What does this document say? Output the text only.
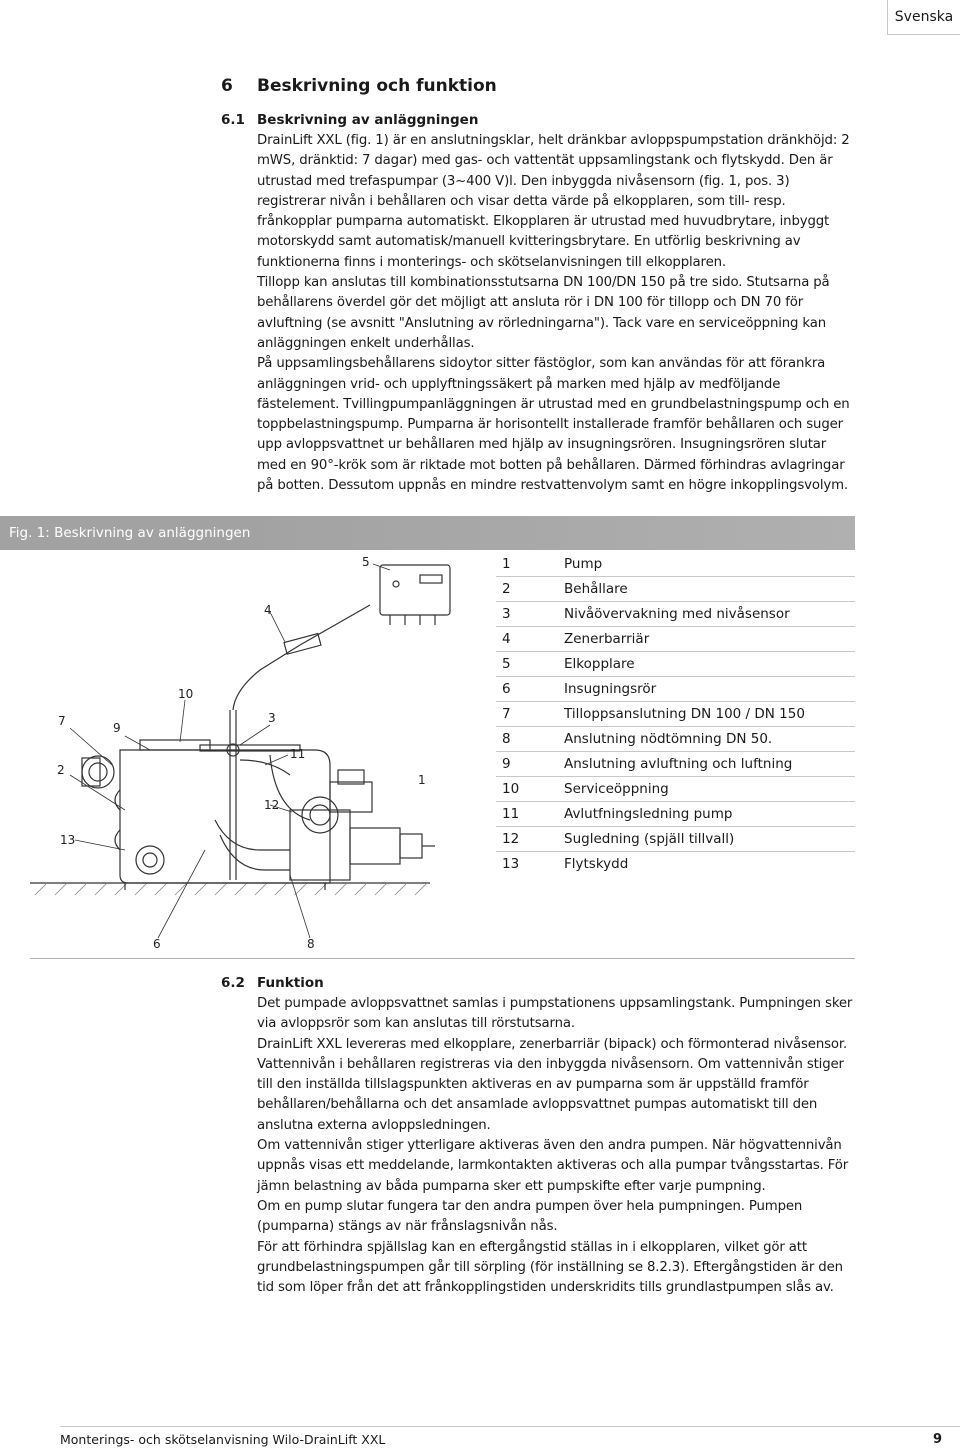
Svenska
6 Beskrivning och funktion
6.1 Beskrivning av anläggningen

DrainLift XXL (fig. 1) är en anslutningsklar, helt dränkbar avloppspumpstation dränkhöjd: 2 mWS, dränktid: 7 dagar) med gas- och vattentät uppsamlingstank och flytskydd. Den är utrustad med trefaspumpar (3~400 V)l. Den inbyggda nivåsensorn (fig. 1, pos. 3) registrerar nivån i behållaren och visar detta värde på elkopplaren, som till- resp. frånkopplar pumparna automatiskt. Elkopplaren är utrustad med huvudbrytare, inbyggt motorskydd samt automatisk/manuell kvitteringsbrytare. En utförlig beskrivning av funktionerna finns i monterings- och skötselanvisningen till elkopplaren.

Tillopp kan anslutas till kombinationsstutsarna DN 100/DN 150 på tre sido. Stutsarna på behållarens överdel gör det möjligt att ansluta rör i DN 100 för tillopp och DN 70 för avluftning (se avsnitt "Anslutning av rörledningarna"). Tack vare en serviceöppning kan anläggningen enkelt underhållas.

På uppsamlingsbehållarens sidoytor sitter fästöglor, som kan användas för att förankra anläggningen vrid- och upplyftningssäkert på marken med hjälp av medföljande fästelement. Tvillingpumpanläggningen är utrustad med en grundbelastningspump och en toppbelastningspump. Pumparna är horisontellt installerade framför behållaren och suger upp avloppsvattnet ur behållaren med hjälp av insugningsrören. Insugningsrören slutar med en 90°-krök som är riktade mot botten på behållaren. Därmed förhindras avlagringar på botten. Dessutom uppnås en mindre restvattenvolym samt en högre inkopplingsvolym.

Fig. 1: Beskrivning av anläggningen
7	9
10
4
5
3
11
1
2
12
13
6	8
1	Pump
2	Behållare
3	Nivåövervakning med nivåsensor
4	Zenerbarriär
5	Elkopplare
6	Insugningsrör
7	Tilloppsanslutning DN 100 / DN 150
8	Anslutning nödtömning DN 50.
9	Anslutning avluftning och luftning
10	Serviceöppning
11	Avlutfningsledning pump
12	Sugledning (spjäll tillvall)
13	Flytskydd
6.2 Funktion

Det pumpade avloppsvattnet samlas i pumpstationens uppsamlingstank. Pumpningen sker via avloppsrör som kan anslutas till rörstutsarna.

DrainLift XXL levereras med elkopplare, zenerbarriär (bipack) och förmonterad nivåsensor. Vattennivån i behållaren registreras via den inbyggda nivåsensorn. Om vattennivån stiger till den inställda tillslagspunkten aktiveras en av pumparna som är uppställd framför behållaren/behållarna och det ansamlade avloppsvattnet pumpas automatiskt till den anslutna externa avloppsledningen.

Om vattennivån stiger ytterligare aktiveras även den andra pumpen. När högvattennivån uppnås visas ett meddelande, larmkontakten aktiveras och alla pumpar tvångsstartas. För jämn belastning av båda pumparna sker ett pumpskifte efter varje pumpning.

Om en pump slutar fungera tar den andra pumpen över hela pumpningen. Pumpen (pumparna) stängs av när frånslagsnivån nås.

För att förhindra spjällslag kan en eftergångstid ställas in i elkopplaren, vilket gör att grundbelastningspumpen går till sörpling (för inställning se 8.2.3). Eftergångstiden är den tid som löper från det att frånkopplingstiden underskridits tills grundlastpumpen slås av.

Monterings- och skötselanvisning Wilo-DrainLift XXL	9
